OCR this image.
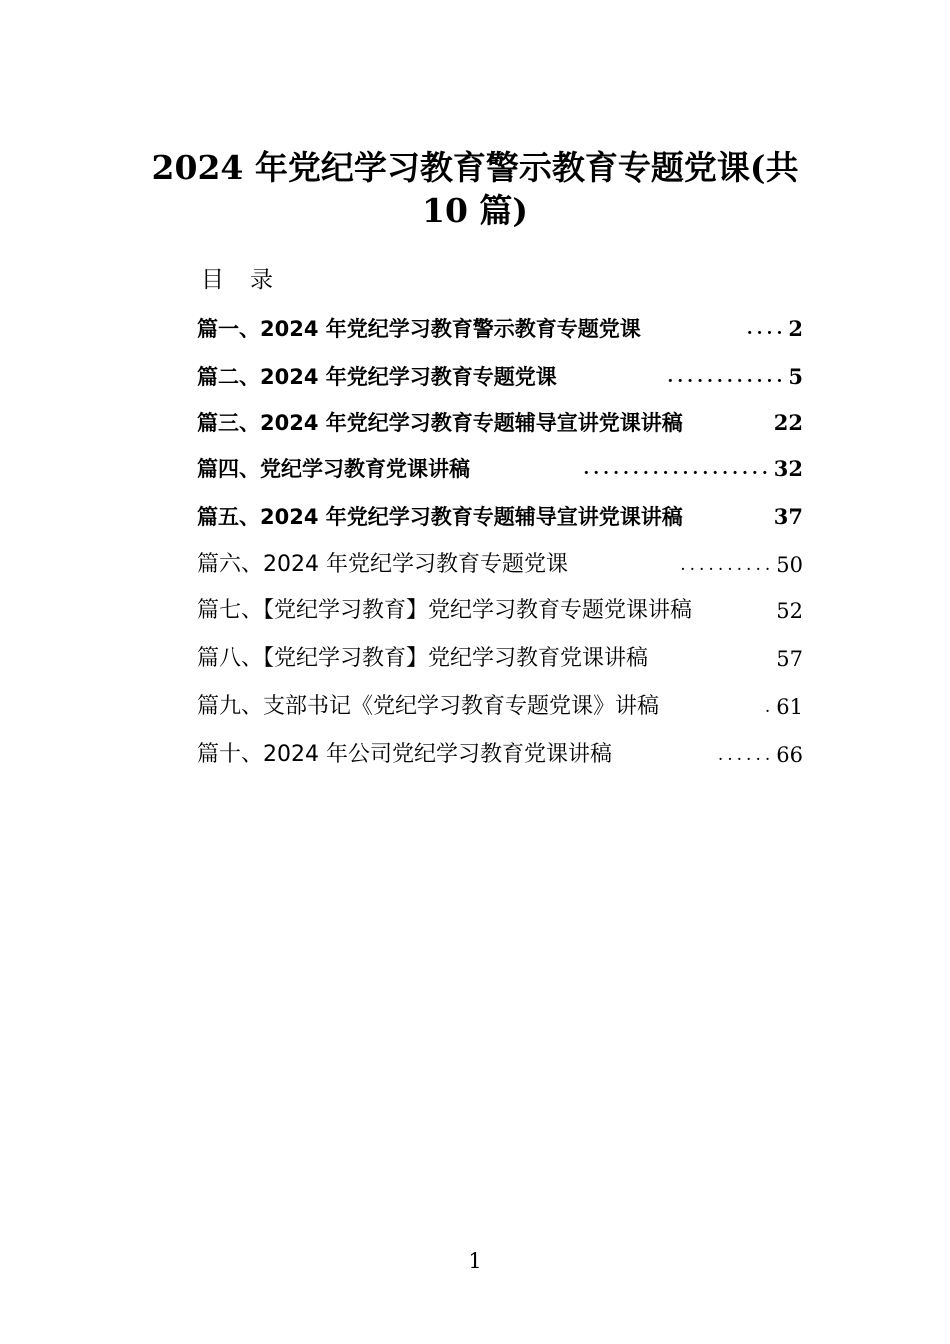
2024 年党纪学习教育警示教育专题党课(共
10 篇)
目录
篇一、2024 年党纪学习教育警示教育专题党课	.... 2
篇二、2024 年党纪学习教育专题党课	............ 5
篇三、2024 年党纪学习教育专题辅导宣讲党课讲稿	22
篇四、党纪学习教育党课讲稿	................... 32
篇五、2024 年党纪学习教育专题辅导宣讲党课讲稿	37
篇六、2024 年党纪学习教育专题党课	.......... 50
篇七、【党纪学习教育】党纪学习教育专题党课讲稿	52
篇八、【党纪学习教育】党纪学习教育党课讲稿	57
篇九、支部书记《党纪学习教育专题党课》讲稿	. 61
篇十、2024 年公司党纪学习教育党课讲稿	...... 66
1
